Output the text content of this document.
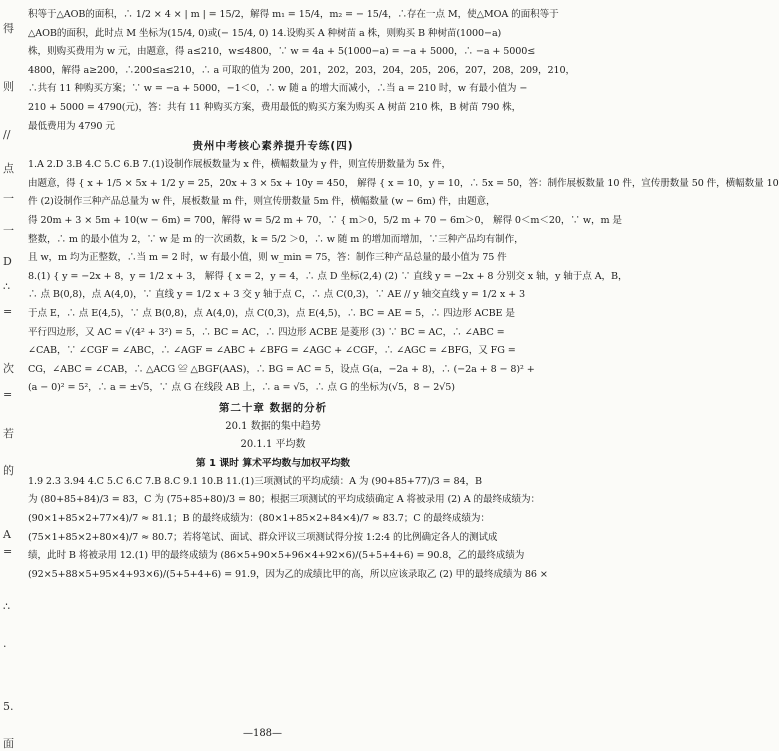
得
则
//
点
一
一
D
∴
=
次
=
若
的
A
=
∴
·
5.
面
积等于△AOB的面积，∴ 1/2 × 4 × | m | = 15/2，解得 m₁ = 15/4，m₂ = − 15/4，∴存在一点 M，使△MOA 的面积等于
△AOB的面积，此时点 M 坐标为(15/4, 0)或(− 15/4, 0) 14.设购买 A 种树苗 a 株，则购买 B 种树苗(1000−a)
株，则购买费用为 w 元，由题意，得 a≤210，w≤4800，∵ w = 4a + 5(1000−a) = −a + 5000，∴ −a + 5000≤
4800，解得 a≥200，∴200≤a≤210，∴ a 可取的值为 200，201，202，203，204，205，206，207，208，209，210，
∴共有 11 种购买方案；∵ w = −a + 5000，−1＜0，∴ w 随 a 的增大而减小，∴当 a = 210 时，w 有最小值为 −
210 + 5000 = 4790(元)，答：共有 11 种购买方案，费用最低的购买方案为购买 A 树苗 210 株，B 树苗 790 株，
最低费用为 4790 元
贵州中考核心素养提升专练(四)
1.A 2.D 3.B 4.C 5.C 6.B 7.(1)设制作展板数量为 x 件，横幅数量为 y 件，则宣传册数量为 5x 件，
由题意，得 { x + 1/5 × 5x + 1/2 y = 25，20x + 3 × 5x + 10y = 450， 解得 { x = 10，y = 10，∴ 5x = 50，答：制作展板数量 10 件，宣传册数量 50 件，横幅数量 10
件 (2)设制作三种产品总量为 w 件，展板数量 m 件，则宣传册数量 5m 件，横幅数量 (w − 6m) 件，由题意，
得 20m + 3 × 5m + 10(w − 6m) = 700，解得 w = 5/2 m + 70，∵ { m＞0，5/2 m + 70 − 6m＞0， 解得 0＜m＜20，∵ w，m 是
整数，∴ m 的最小值为 2，∵ w 是 m 的一次函数，k = 5/2 ＞0，∴ w 随 m 的增加而增加，∵三种产品均有制作，
且 w，m 均为正整数，∴当 m = 2 时，w 有最小值，则 w_min = 75，答：制作三种产品总量的最小值为 75 件
8.(1) { y = −2x + 8，y = 1/2 x + 3， 解得 { x = 2，y = 4，∴ 点 D 坐标(2,4) (2) ∵ 直线 y = −2x + 8 分别交 x 轴，y 轴于点 A，B，
∴ 点 B(0,8)，点 A(4,0)，∵ 直线 y = 1/2 x + 3 交 y 轴于点 C，∴ 点 C(0,3)，∵ AE // y 轴交直线 y = 1/2 x + 3
于点 E，∴ 点 E(4,5)，∵ 点 B(0,8)，点 A(4,0)，点 C(0,3)，点 E(4,5)，∴ BC = AE = 5，∴ 四边形 ACBE 是
平行四边形，又 AC = √(4² + 3²) = 5，∴ BC = AC，∴ 四边形 ACBE 是菱形 (3) ∵ BC = AC，∴ ∠ABC =
∠CAB，∵ ∠CGF = ∠ABC，∴ ∠AGF = ∠ABC + ∠BFG = ∠AGC + ∠CGF，∴ ∠AGC = ∠BFG，又 FG =
CG，∠ABC = ∠CAB，∴ △ACG ≌ △BGF(AAS)，∴ BG = AC = 5，设点 G(a，−2a + 8)，∴ (−2a + 8 − 8)² +
(a − 0)² = 5²，∴ a = ±√5，∵ 点 G 在线段 AB 上，∴ a = √5，∴ 点 G 的坐标为(√5，8 − 2√5)
第二十章 数据的分析
20.1 数据的集中趋势
20.1.1 平均数
第 1 课时 算术平均数与加权平均数
1.9 2.3 3.94 4.C 5.C 6.C 7.B 8.C 9.1 10.B 11.(1)三项测试的平均成绩：A 为 (90+85+77)/3 = 84，B
为 (80+85+84)/3 = 83，C 为 (75+85+80)/3 = 80；根据三项测试的平均成绩确定 A 将被录用 (2) A 的最终成绩为：
(90×1+85×2+77×4)/7 ≈ 81.1；B 的最终成绩为：(80×1+85×2+84×4)/7 ≈ 83.7；C 的最终成绩为：
(75×1+85×2+80×4)/7 ≈ 80.7；若将笔试、面试、群众评议三项测试得分按 1:2:4 的比例确定各人的测试成
绩，此时 B 将被录用 12.(1) 甲的最终成绩为 (86×5+90×5+96×4+92×6)/(5+5+4+6) = 90.8，乙的最终成绩为
(92×5+88×5+95×4+93×6)/(5+5+4+6) = 91.9，因为乙的成绩比甲的高，所以应该录取乙 (2) 甲的最终成绩为 86 ×
—188—
